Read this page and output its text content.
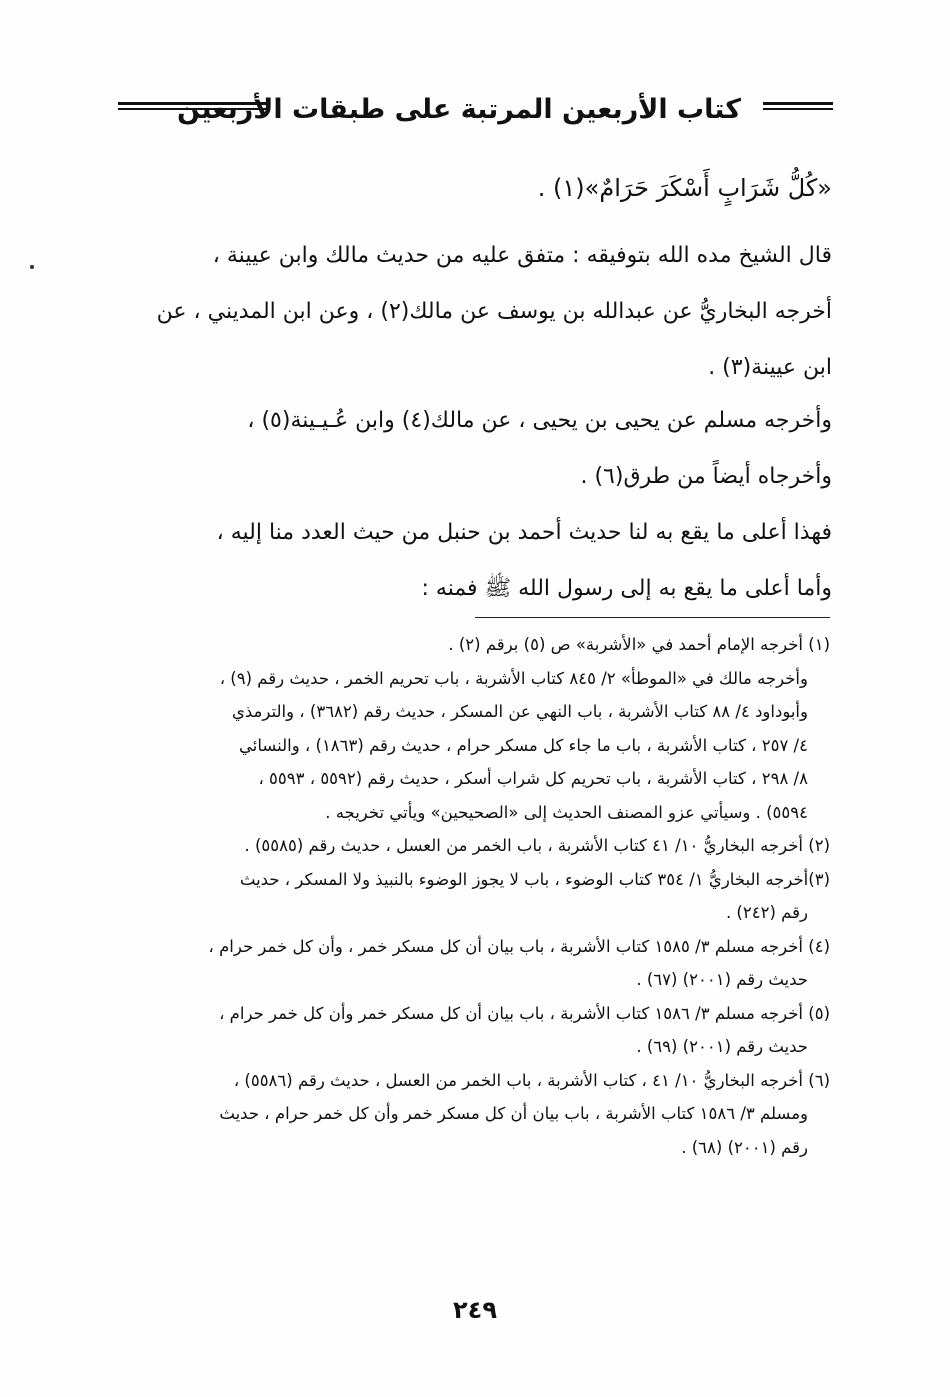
كتاب الأربعين المرتبة على طبقات الأربعين

«كُلُّ شَرَابٍ أَسْكَرَ حَرَامٌ»(١) .

قال الشيخ مده الله بتوفيقه : متفق عليه من حديث مالك وابن عيينة ،

أخرجه البخاريُّ عن عبدالله بن يوسف عن مالك(٢) ، وعن ابن المديني ، عن

ابن عيينة(٣) .

وأخرجه مسلم عن يحيى بن يحيى ، عن مالك(٤) وابن عُـيـينة(٥) ،

وأخرجاه أيضاً من طرق(٦) .

فهذا أعلى ما يقع به لنا حديث أحمد بن حنبل من حيث العدد منا إليه ،

وأما أعلى ما يقع به إلى رسول الله ﷺ فمنه :

(١) أخرجه الإمام أحمد في «الأشربة» ص (٥) برقم (٢) .

وأخرجه مالك في «الموطأ» ٢/ ٨٤٥ كتاب الأشربة ، باب تحريم الخمر ، حديث رقم (٩) ،

وأبوداود ٤/ ٨٨ كتاب الأشربة ، باب النهي عن المسكر ، حديث رقم (٣٦٨٢) ، والترمذي

٤/ ٢٥٧ ، كتاب الأشربة ، باب ما جاء كل مسكر حرام ، حديث رقم (١٨٦٣) ، والنسائي

٨/ ٢٩٨ ، كتاب الأشربة ، باب تحريم كل شراب أسكر ، حديث رقم (٥٥٩٢ ، ٥٥٩٣ ،

٥٥٩٤) . وسيأتي عزو المصنف الحديث إلى «الصحيحين» ويأتي تخريجه .

(٢) أخرجه البخاريُّ ١٠/ ٤١ كتاب الأشربة ، باب الخمر من العسل ، حديث رقم (٥٥٨٥) .

(٣)أخرجه البخاريُّ ١/ ٣٥٤ كتاب الوضوء ، باب لا يجوز الوضوء بالنبيذ ولا المسكر ، حديث

رقم (٢٤٢) .

(٤) أخرجه مسلم ٣/ ١٥٨٥ كتاب الأشربة ، باب بيان أن كل مسكر خمر ، وأن كل خمر حرام ،

حديث رقم (٢٠٠١) (٦٧) .

(٥) أخرجه مسلم ٣/ ١٥٨٦ كتاب الأشربة ، باب بيان أن كل مسكر خمر وأن كل خمر حرام ،

حديث رقم (٢٠٠١) (٦٩) .

(٦) أخرجه البخاريُّ ١٠/ ٤١ ، كتاب الأشربة ، باب الخمر من العسل ، حديث رقم (٥٥٨٦) ،

ومسلم ٣/ ١٥٨٦ كتاب الأشربة ، باب بيان أن كل مسكر خمر وأن كل خمر حرام ، حديث

رقم (٢٠٠١) (٦٨) .

٢٤٩
